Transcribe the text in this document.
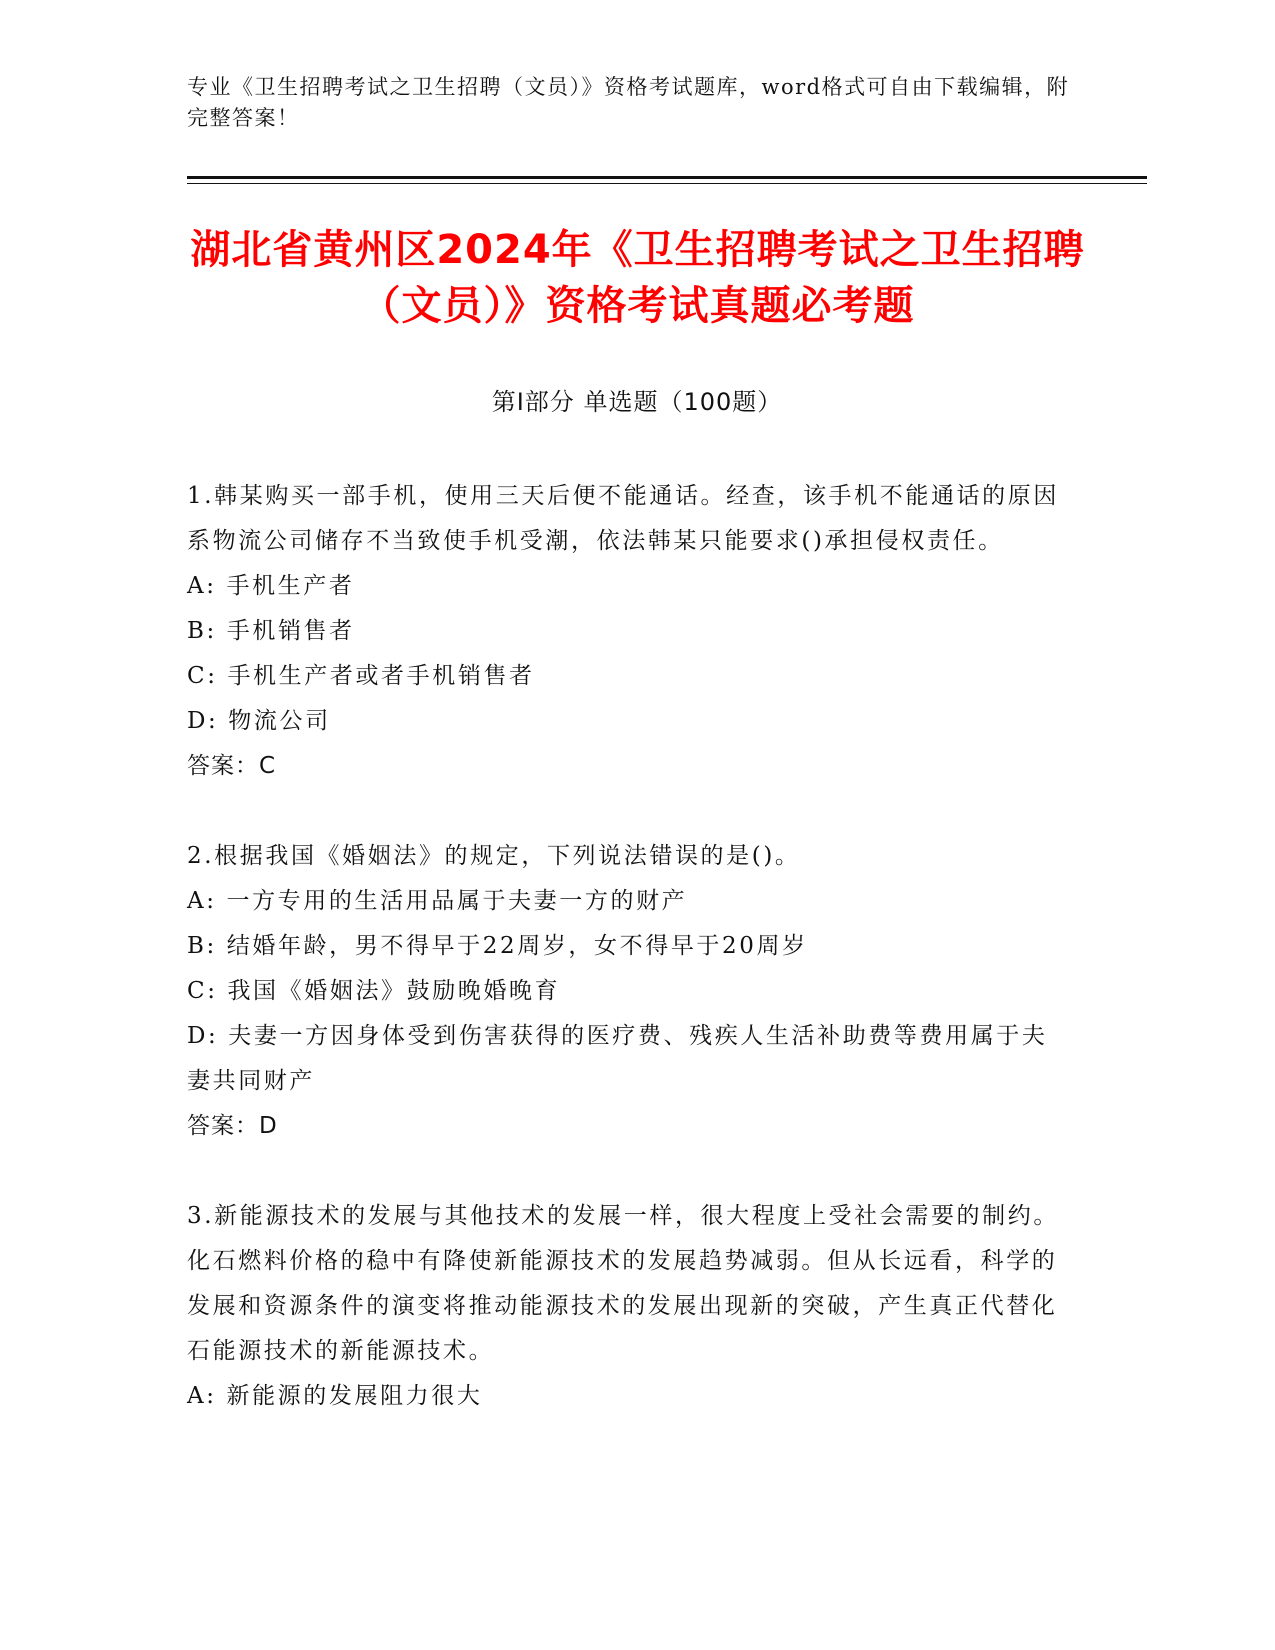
专业《卫生招聘考试之卫生招聘（文员）》资格考试题库，word格式可自由下载编辑，附完整答案！
湖北省黄州区2024年《卫生招聘考试之卫生招聘（文员）》资格考试真题必考题
第I部分 单选题（100题）
1.韩某购买一部手机，使用三天后便不能通话。经查，该手机不能通话的原因系物流公司储存不当致使手机受潮，依法韩某只能要求()承担侵权责任。
A: 手机生产者
B: 手机销售者
C: 手机生产者或者手机销售者
D: 物流公司
答案：C
2.根据我国《婚姻法》的规定，下列说法错误的是()。
A: 一方专用的生活用品属于夫妻一方的财产
B: 结婚年龄，男不得早于22周岁，女不得早于20周岁
C: 我国《婚姻法》鼓励晚婚晚育
D: 夫妻一方因身体受到伤害获得的医疗费、残疾人生活补助费等费用属于夫妻共同财产
答案：D
3.新能源技术的发展与其他技术的发展一样，很大程度上受社会需要的制约。化石燃料价格的稳中有降使新能源技术的发展趋势减弱。但从长远看，科学的发展和资源条件的演变将推动能源技术的发展出现新的突破，产生真正代替化石能源技术的新能源技术。
A: 新能源的发展阻力很大
